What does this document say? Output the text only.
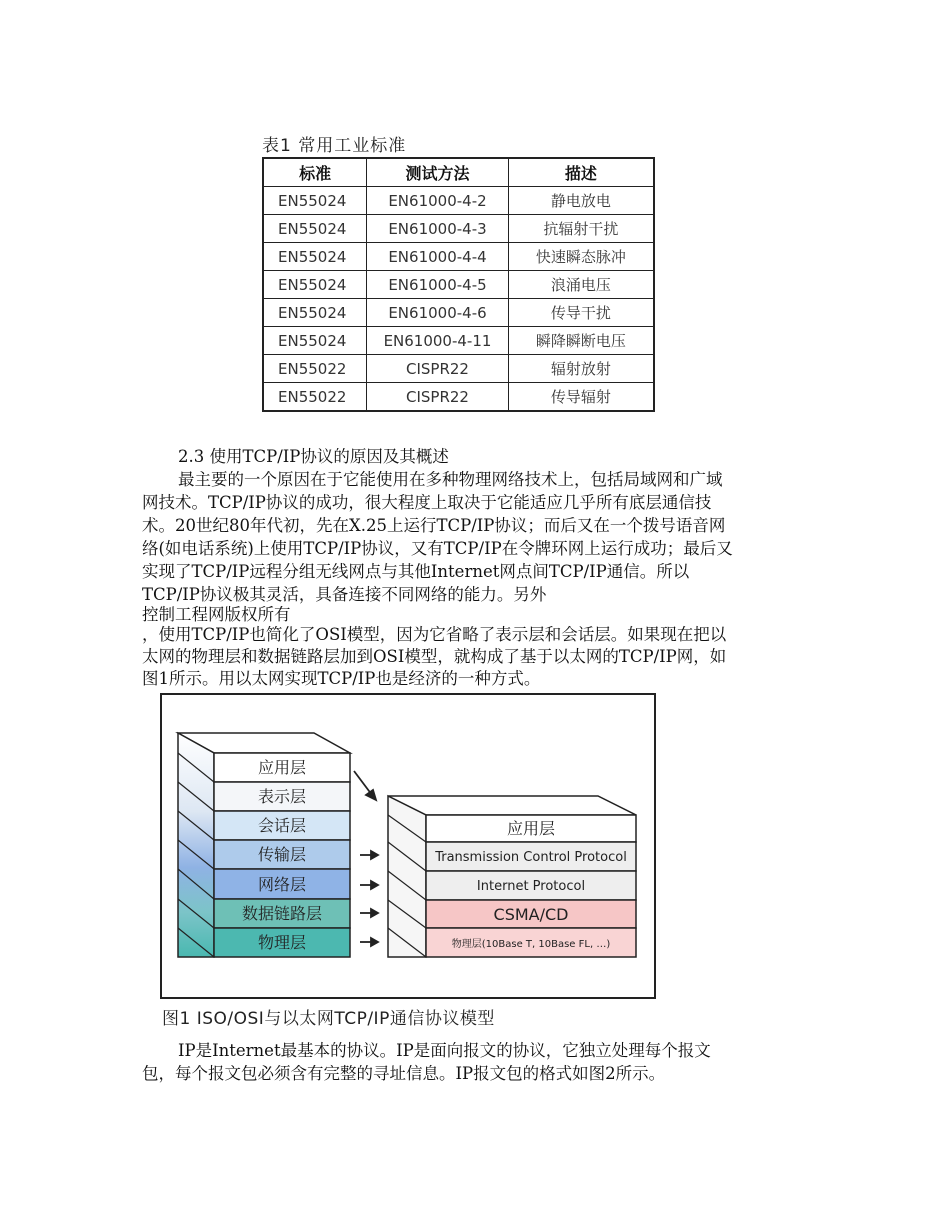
表1 常用工业标准
标准	测试方法	描述
EN55024	EN61000-4-2	静电放电
EN55024	EN61000-4-3	抗辐射干扰
EN55024	EN61000-4-4	快速瞬态脉冲
EN55024	EN61000-4-5	浪涌电压
EN55024	EN61000-4-6	传导干扰
EN55024	EN61000-4-11	瞬降瞬断电压
EN55022	CISPR22	辐射放射
EN55022	CISPR22	传导辐射
2.3 使用TCP/IP协议的原因及其概述
最主要的一个原因在于它能使用在多种物理网络技术上，包括局域网和广域
网技术。TCP/IP协议的成功，很大程度上取决于它能适应几乎所有底层通信技
术。20世纪80年代初，先在X.25上运行TCP/IP协议；而后又在一个拨号语音网
络(如电话系统)上使用TCP/IP协议，又有TCP/IP在令牌环网上运行成功；最后又
实现了TCP/IP远程分组无线网点与其他Internet网点间TCP/IP通信。所以
TCP/IP协议极其灵活，具备连接不同网络的能力。另外
控制工程网版权所有
，使用TCP/IP也简化了OSI模型，因为它省略了表示层和会话层。如果现在把以
太网的物理层和数据链路层加到OSI模型，就构成了基于以太网的TCP/IP网，如
图1所示。用以太网实现TCP/IP也是经济的一种方式。
应用层
表示层
会话层
传输层
网络层
数据链路层
物理层
应用层
Transmission Control Protocol
Internet Protocol
CSMA/CD
物理层(10Base T, 10Base FL, …)
图1 ISO/OSI与以太网TCP/IP通信协议模型
IP是Internet最基本的协议。IP是面向报文的协议，它独立处理每个报文
包，每个报文包必须含有完整的寻址信息。IP报文包的格式如图2所示。
